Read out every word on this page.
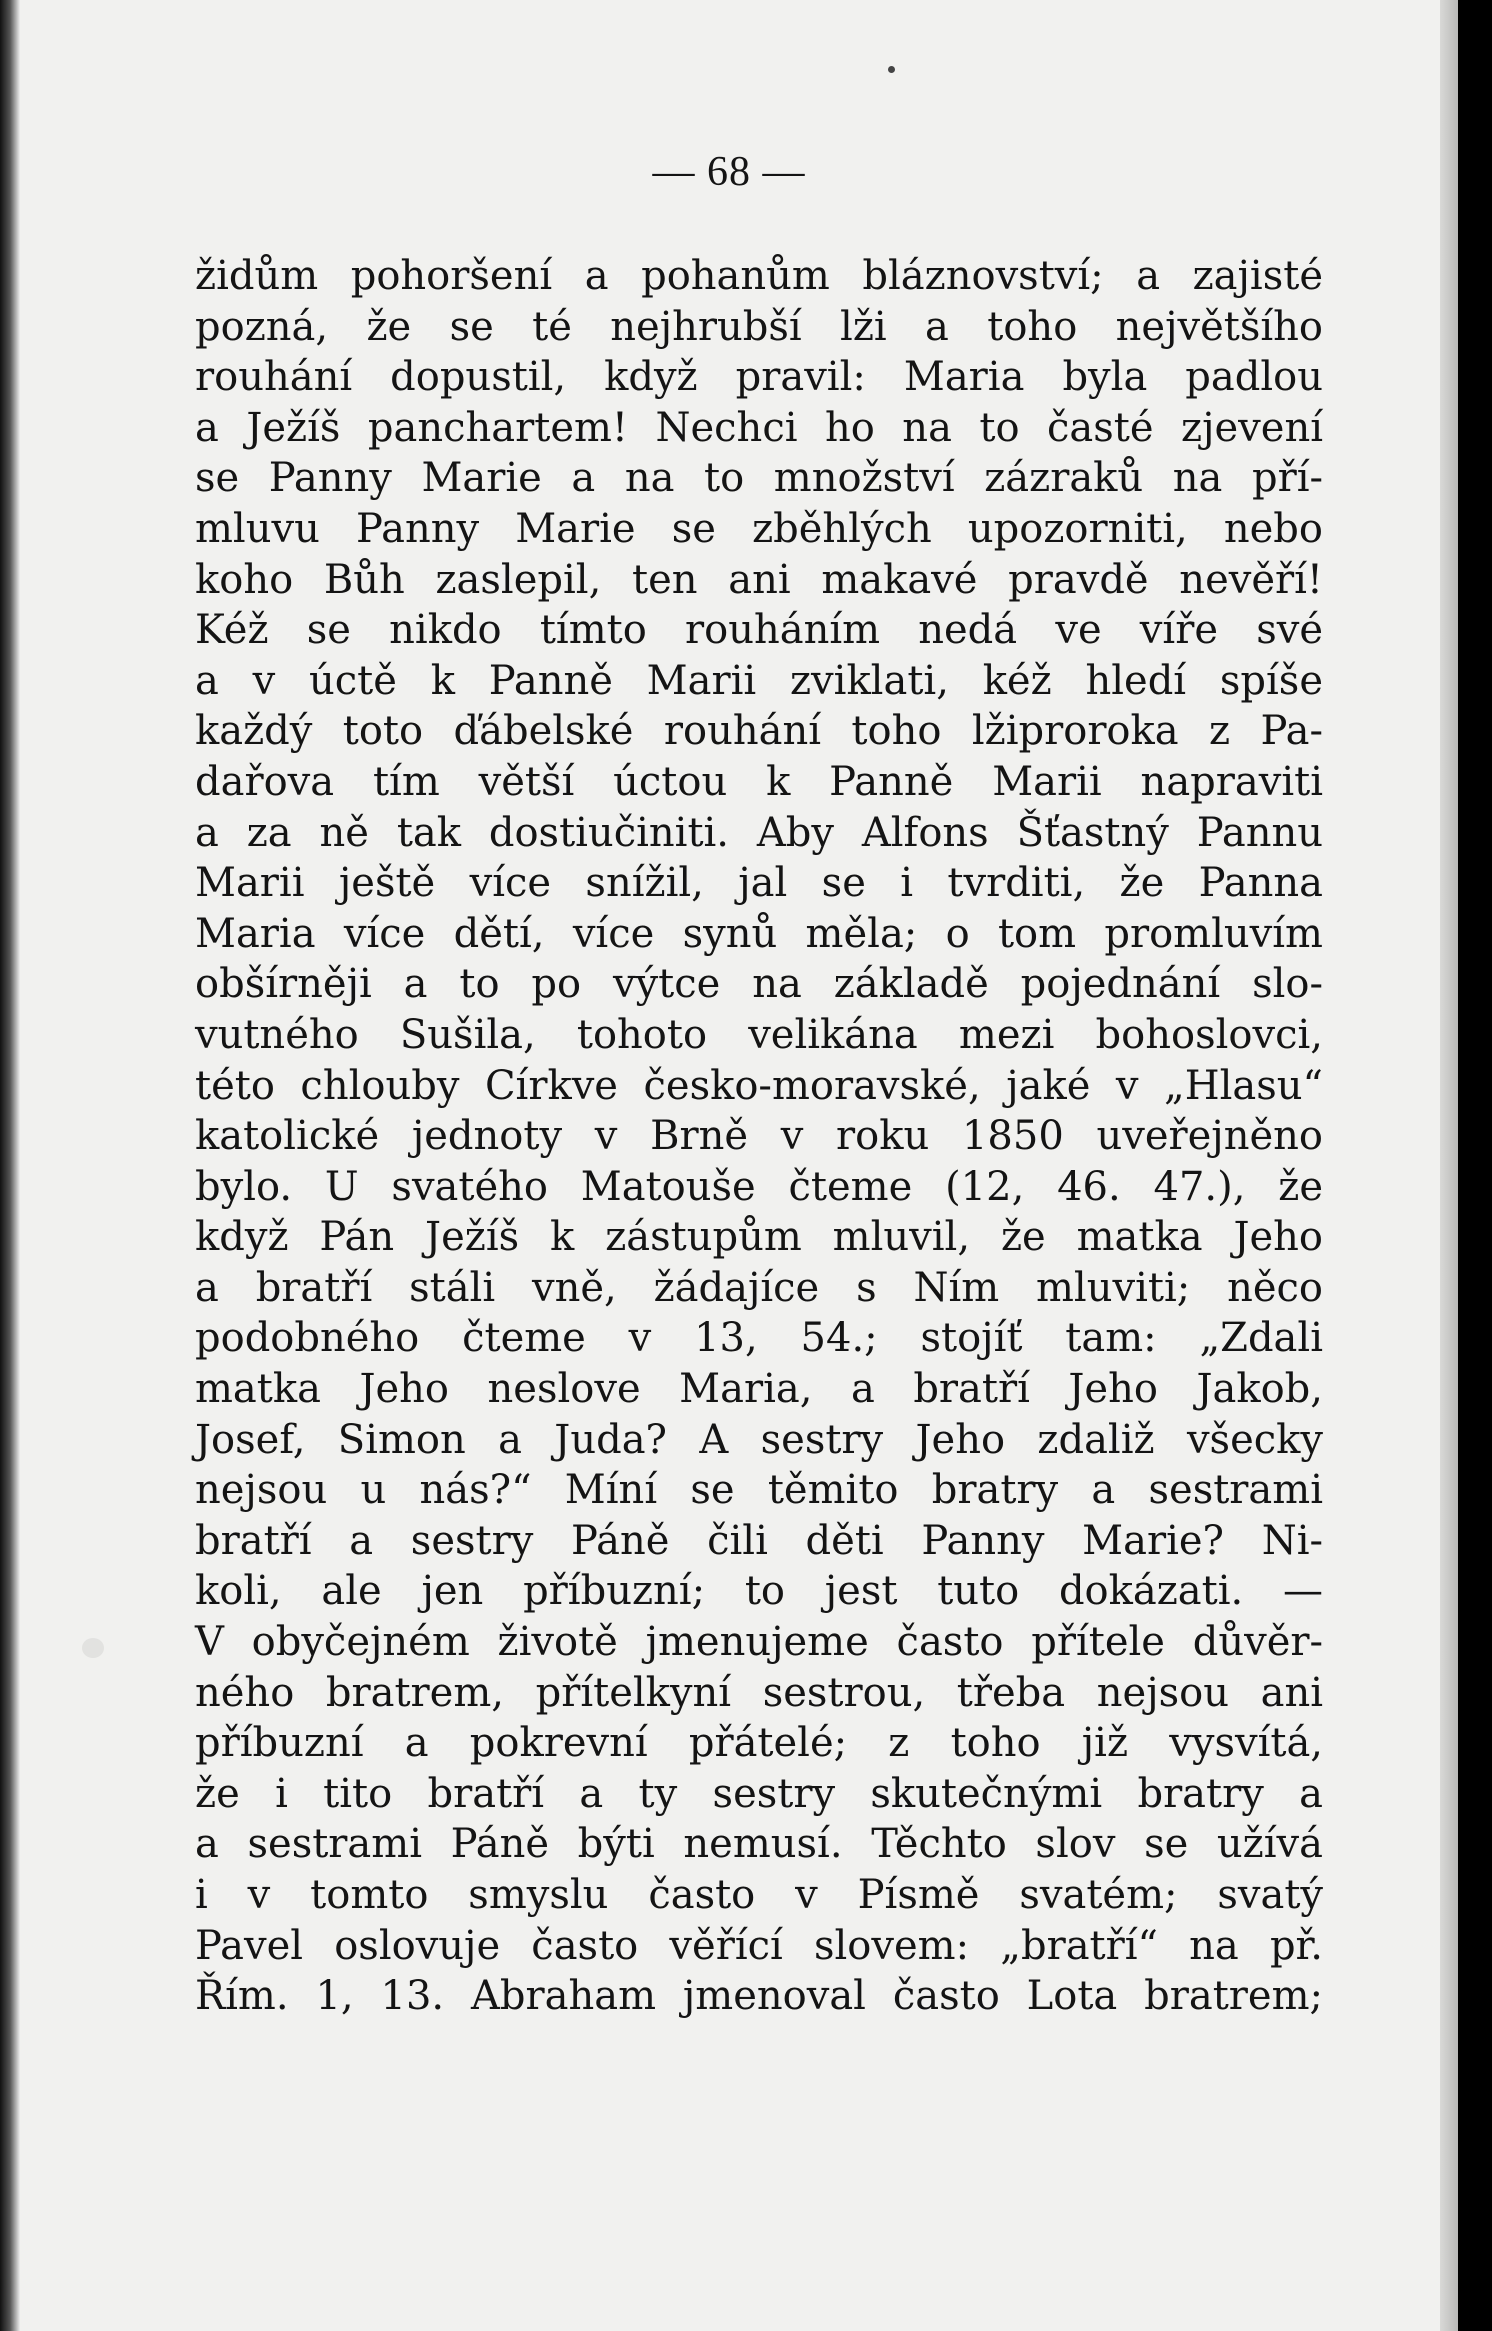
— 68 —
židům pohoršení a pohanům bláznovství; a zajisté
pozná, že se té nejhrubší lži a toho největšího
rouhání dopustil, když pravil: Maria byla padlou
a Ježíš panchartem! Nechci ho na to časté zjevení
se Panny Marie a na to množství zázraků na pří-
mluvu Panny Marie se zběhlých upozorniti, nebo
koho Bůh zaslepil, ten ani makavé pravdě nevěří!
Kéž se nikdo tímto rouháním nedá ve víře své
a v úctě k Panně Marii zviklati, kéž hledí spíše
každý toto ďábelské rouhání toho lžiproroka z Pa-
dařova tím větší úctou k Panně Marii napraviti
a za ně tak dostiučiniti. Aby Alfons Šťastný Pannu
Marii ještě více snížil, jal se i tvrditi, že Panna
Maria více dětí, více synů měla; o tom promluvím
obšírněji a to po výtce na základě pojednání slo-
vutného Sušila, tohoto velikána mezi bohoslovci,
této chlouby Církve česko-moravské, jaké v „Hlasu“
katolické jednoty v Brně v roku 1850 uveřejněno
bylo. U svatého Matouše čteme (12, 46. 47.), že
když Pán Ježíš k zástupům mluvil, že matka Jeho
a bratří stáli vně, žádajíce s Ním mluviti; něco
podobného čteme v 13, 54.; stojíť tam: „Zdali
matka Jeho neslove Maria, a bratří Jeho Jakob,
Josef, Simon a Juda? A sestry Jeho zdaliž všecky
nejsou u nás?“ Míní se těmito bratry a sestrami
bratří a sestry Páně čili děti Panny Marie? Ni-
koli, ale jen příbuzní; to jest tuto dokázati. —
V obyčejném životě jmenujeme často přítele důvěr-
ného bratrem, přítelkyní sestrou, třeba nejsou ani
příbuzní a pokrevní přátelé; z toho již vysvítá,
že i tito bratří a ty sestry skutečnými bratry a
a sestrami Páně býti nemusí. Těchto slov se užívá
i v tomto smyslu často v Písmě svatém; svatý
Pavel oslovuje často věřící slovem: „bratří“ na př.
Řím. 1, 13. Abraham jmenoval často Lota bratrem;
